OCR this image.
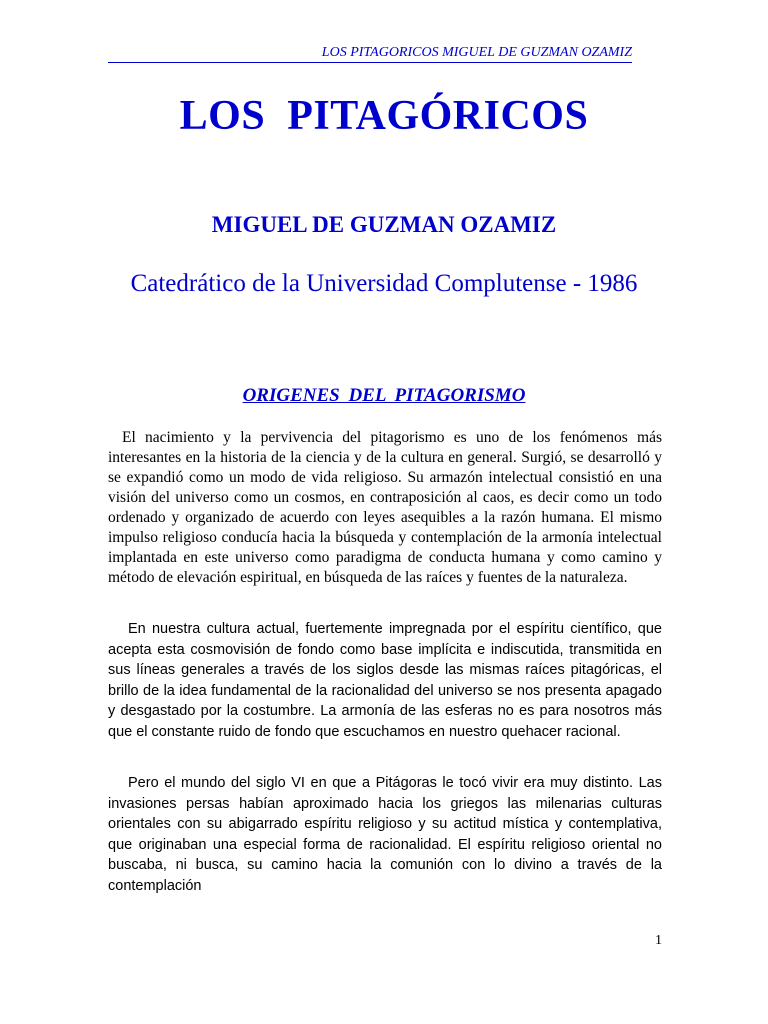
LOS PITAGORICOS MIGUEL DE GUZMAN OZAMIZ
LOS  PITAGÓRICOS
MIGUEL DE GUZMAN OZAMIZ
Catedrático de la Universidad Complutense - 1986
ORIGENES DEL PITAGORISMO

El nacimiento y la pervivencia del pitagorismo es uno de los fenómenos más interesantes en la historia de la ciencia y de la cultura en general. Surgió, se desarrolló y se expandió como un modo de vida religioso. Su armazón intelectual consistió en una visión del universo como un cosmos, en contraposición al caos, es decir como un todo ordenado y organizado de acuerdo con leyes asequibles a la razón humana. El mismo impulso religioso conducía hacia la búsqueda y contemplación de la armonía intelectual implantada en este universo como paradigma de conducta humana y como camino y método de elevación espiritual, en búsqueda de las raíces y fuentes de la naturaleza.

En nuestra cultura actual, fuertemente impregnada por el espíritu científico, que acepta esta cosmovisión de fondo como base implícita e indiscutida, transmitida en sus líneas generales a través de los siglos desde las mismas raíces pitagóricas, el brillo de la idea fundamental de la racionalidad del universo se nos presenta apagado y desgastado por la costumbre. La armonía de las esferas no es para nosotros más que el constante ruido de fondo que escuchamos en nuestro quehacer racional.

Pero el mundo del siglo VI en que a Pitágoras le tocó vivir era muy distinto. Las invasiones persas habían aproximado hacia los griegos las milenarias culturas orientales con su abigarrado espíritu religioso y su actitud mística y contemplativa, que originaban una especial forma de racionalidad. El espíritu religioso oriental no buscaba, ni busca, su camino hacia la comunión con lo divino a través de la contemplación

1
